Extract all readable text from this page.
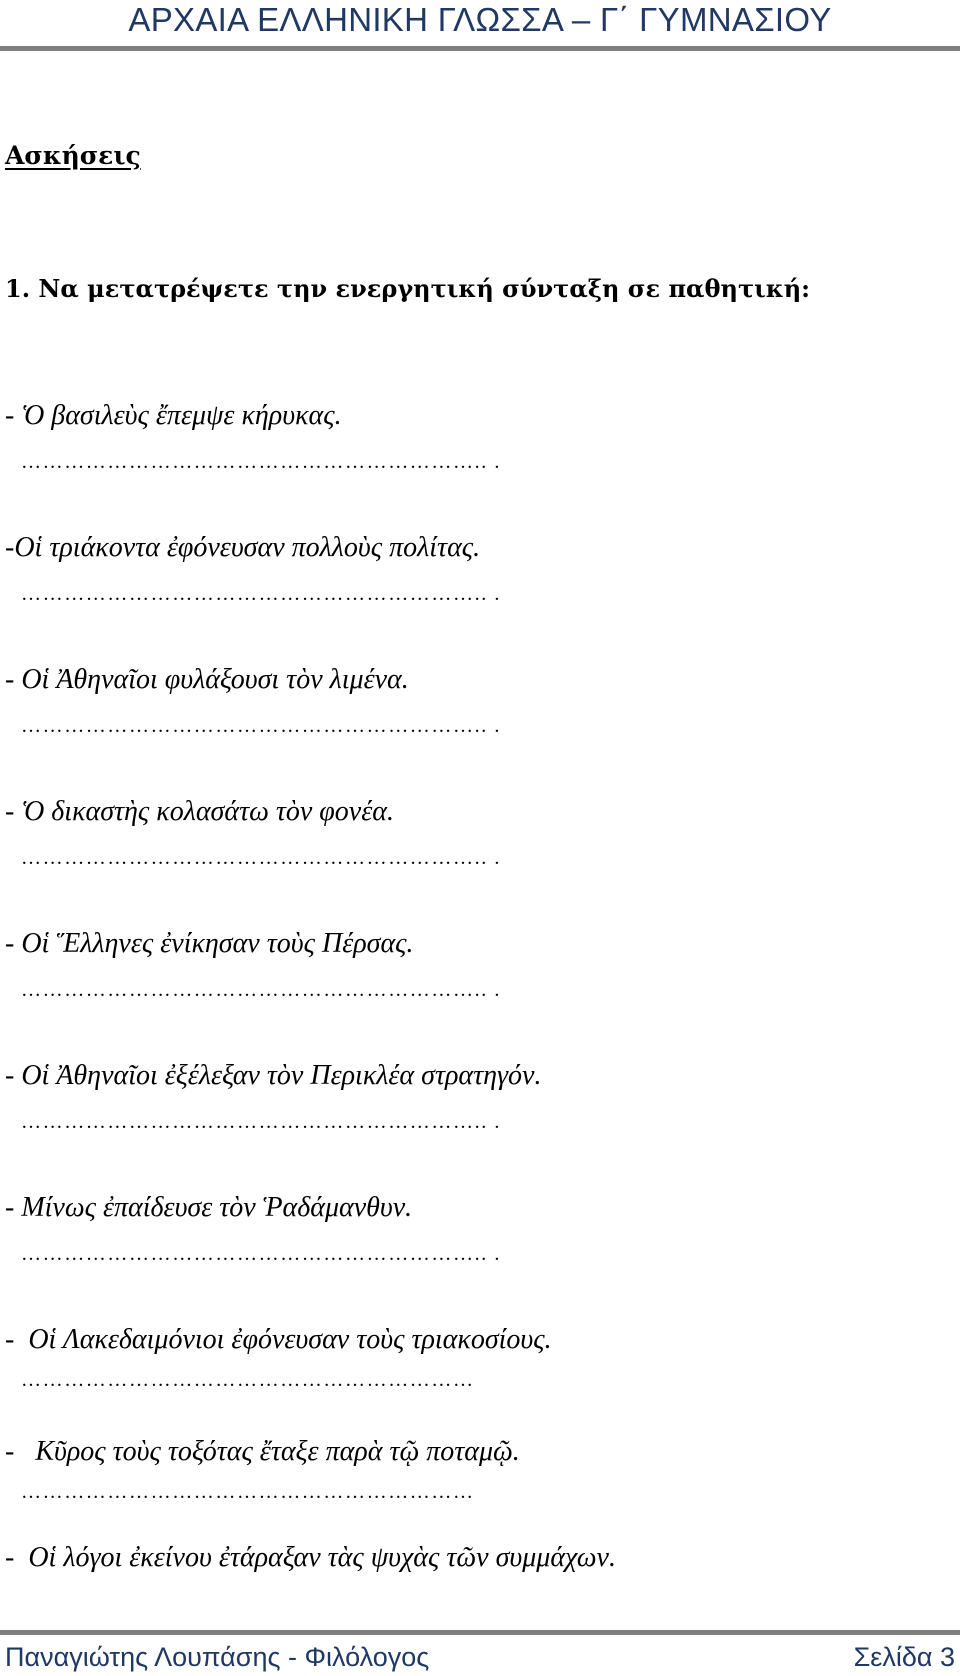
ΑΡΧΑΙΑ ΕΛΛΗΝΙΚΗ ΓΛΩΣΣΑ – Γ΄ ΓΥΜΝΑΣΙΟΥ
Ασκήσεις
1. Να μετατρέψετε την ενεργητική σύνταξη σε παθητική:
- Ὁ βασιλεὺς ἔπεμψε κήρυκας.
……………………………………………………….. .
-Οἱ τριάκοντα ἐφόνευσαν πολλοὺς πολίτας.
……………………………………………………….. .
- Οἱ Ἀθηναῖοι φυλάξουσι τὸν λιμένα.
……………………………………………………….. .
- Ὁ δικαστὴς κολασάτω τὸν φονέα.
……………………………………………………….. .
- Οἱ Ἕλληνες ἐνίκησαν τοὺς Πέρσας.
……………………………………………………….. .
- Οἱ Ἀθηναῖοι ἐξέλεξαν τὸν Περικλέα στρατηγόν.
……………………………………………………….. .
- Μίνως ἐπαίδευσε τὸν Ῥαδάμανθυν.
……………………………………………………….. .
-  Οἱ Λακεδαιμόνιοι ἐφόνευσαν τοὺς τριακοσίους.
………………………………………………………
-   Κῦρος τοὺς τοξότας ἔταξε παρὰ τῷ ποταμῷ.
………………………………………………………
-  Οἱ λόγοι ἐκείνου ἐτάραξαν τὰς ψυχὰς τῶν συμμάχων.
Παναγιώτης Λουπάσης - Φιλόλογος	Σελίδα 3
